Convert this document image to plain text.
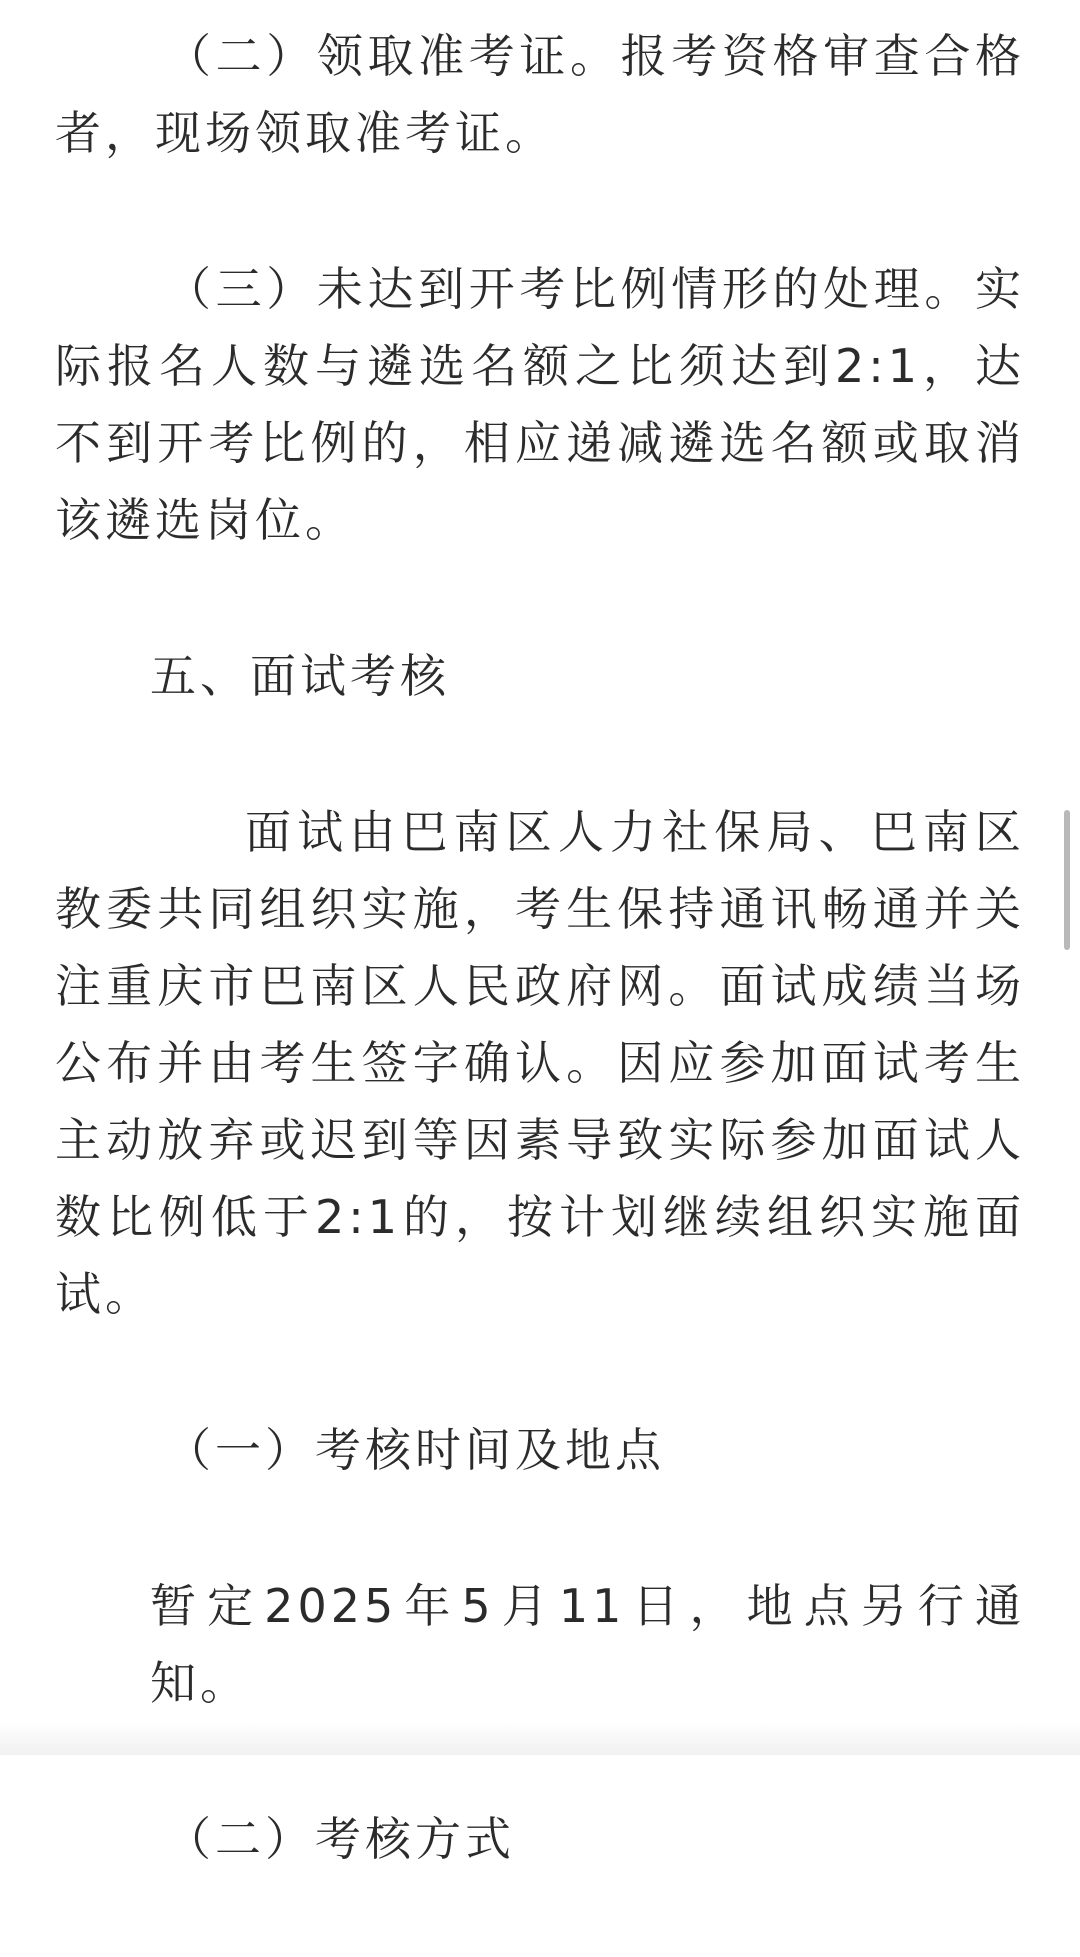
（二）领取准考证。报考资格审查合格者，现场领取准考证。

（三）未达到开考比例情形的处理。实际报名人数与遴选名额之比须达到2:1，达不到开考比例的，相应递减遴选名额或取消该遴选岗位。

五、面试考核

面试由巴南区人力社保局、巴南区教委共同组织实施，考生保持通讯畅通并关注重庆市巴南区人民政府网。面试成绩当场公布并由考生签字确认。因应参加面试考生主动放弃或迟到等因素导致实际参加面试人数比例低于2:1的，按计划继续组织实施面试。

（一）考核时间及地点

暂定2025年5月11日，地点另行通知。

（二）考核方式
